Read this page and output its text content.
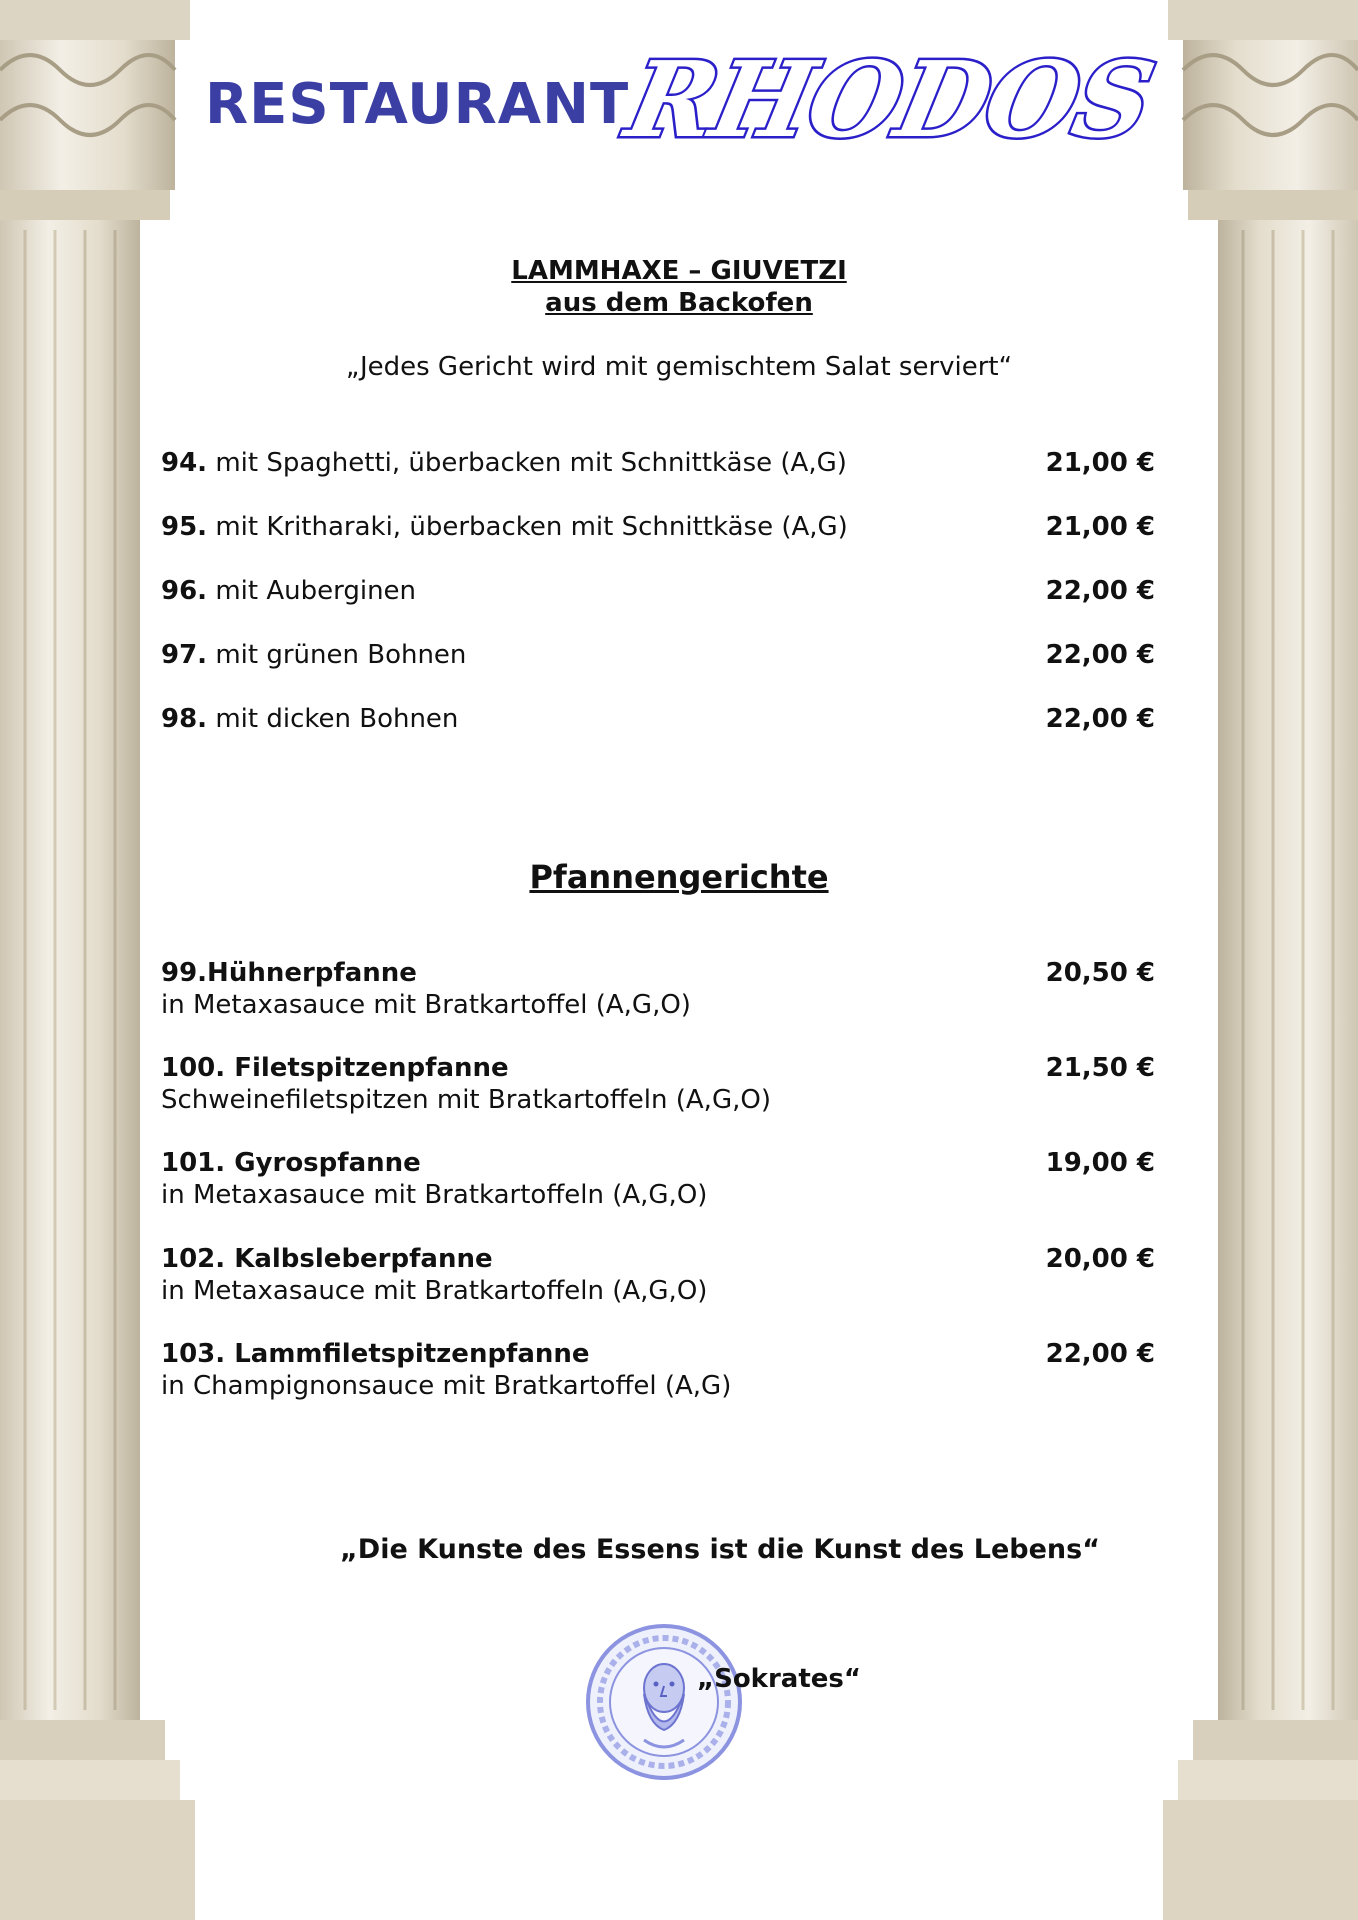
RESTAURANT
RHODOS
LAMMHAXE – GIUVETZI
aus dem Backofen
„Jedes Gericht wird mit gemischtem Salat serviert“
94. mit Spaghetti, überbacken mit Schnittkäse (A,G)	21,00 €
95. mit Kritharaki, überbacken mit Schnittkäse (A,G)	21,00 €
96. mit Auberginen	22,00 €
97. mit grünen Bohnen	22,00 €
98. mit dicken Bohnen	22,00 €
Pfannengerichte
99.Hühnerpfanne	20,50 €
in Metaxasauce mit Bratkartoffel (A,G,O)
100. Filetspitzenpfanne	21,50 €
Schweinefiletspitzen mit Bratkartoffeln (A,G,O)
101. Gyrospfanne	19,00 €
in Metaxasauce mit Bratkartoffeln (A,G,O)
102. Kalbsleberpfanne	20,00 €
in Metaxasauce mit Bratkartoffeln (A,G,O)
103. Lammfiletspitzenpfanne	22,00 €
in Champignonsauce mit Bratkartoffel (A,G)
„Die Kunste des Essens ist die Kunst des Lebens“
„Sokrates“
